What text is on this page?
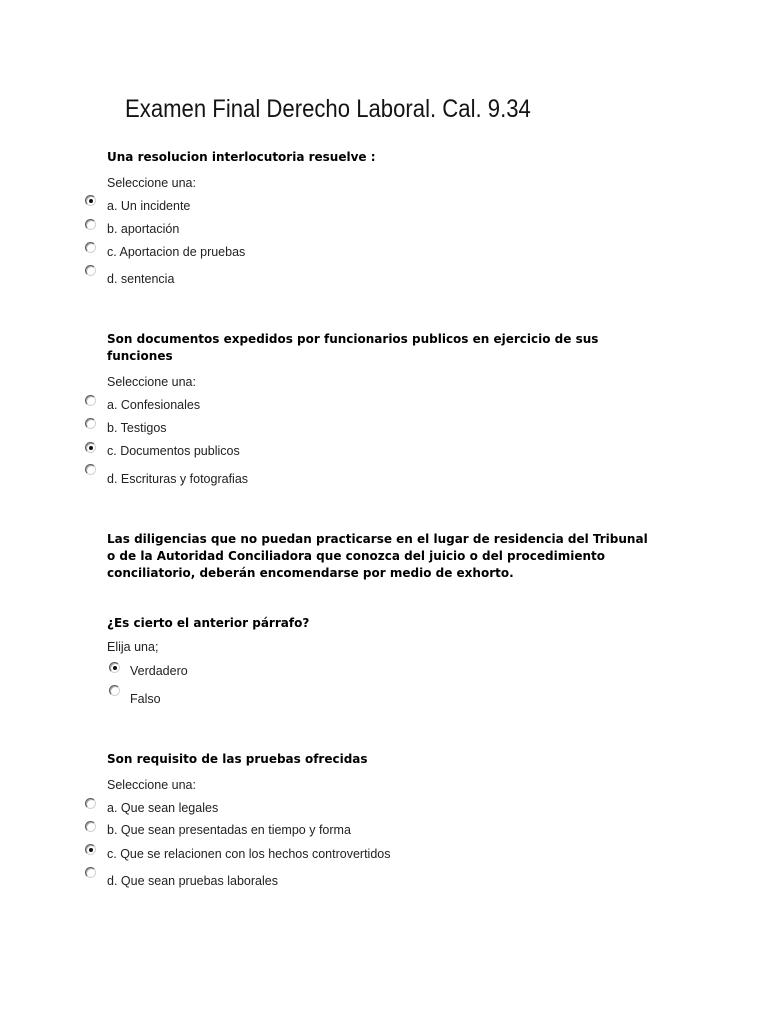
Examen Final Derecho Laboral. Cal. 9.34
Una resolucion interlocutoria resuelve :
Seleccione una:
a. Un incidente
b. aportación
c. Aportacion de pruebas
d. sentencia
Son documentos expedidos por funcionarios publicos en ejercicio de sus
funciones
Seleccione una:
a. Confesionales
b. Testigos
c. Documentos publicos
d. Escrituras y fotografias
Las diligencias que no puedan practicarse en el lugar de residencia del Tribunal
o de la Autoridad Conciliadora que conozca del juicio o del procedimiento
conciliatorio, deberán encomendarse por medio de exhorto.
¿Es cierto el anterior párrafo?
Elija una;
Verdadero
Falso
Son requisito de las pruebas ofrecidas
Seleccione una:
a. Que sean legales
b. Que sean presentadas en tiempo y forma
c. Que se relacionen con los hechos controvertidos
d. Que sean pruebas laborales
